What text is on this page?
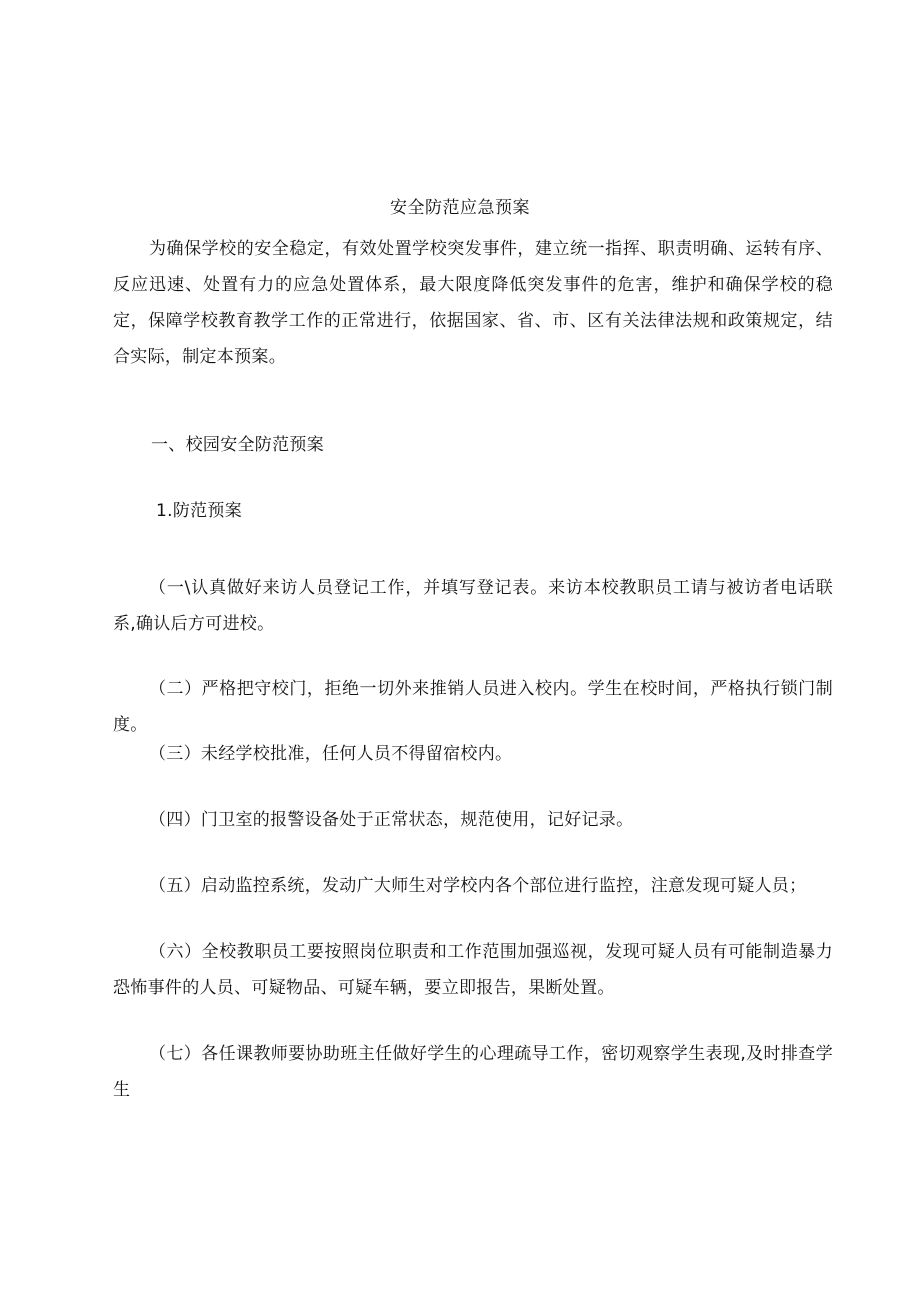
安全防范应急预案

为确保学校的安全稳定，有效处置学校突发事件，建立统一指挥、职责明确、运转有序、反应迅速、处置有力的应急处置体系，最大限度降低突发事件的危害，维护和确保学校的稳定，保障学校教育教学工作的正常进行，依据国家、省、市、区有关法律法规和政策规定，结合实际，制定本预案。

一、校园安全防范预案

1.防范预案

（一\认真做好来访人员登记工作，并填写登记表。来访本校教职员工请与被访者电话联系,确认后方可进校。

（二）严格把守校门，拒绝一切外来推销人员进入校内。学生在校时间，严格执行锁门制度。

（三）未经学校批准，任何人员不得留宿校内。

（四）门卫室的报警设备处于正常状态，规范使用，记好记录。

（五）启动监控系统，发动广大师生对学校内各个部位进行监控，注意发现可疑人员；

（六）全校教职员工要按照岗位职责和工作范围加强巡视，发现可疑人员有可能制造暴力恐怖事件的人员、可疑物品、可疑车辆，要立即报告，果断处置。

（七）各任课教师要协助班主任做好学生的心理疏导工作，密切观察学生表现,及时排查学生
